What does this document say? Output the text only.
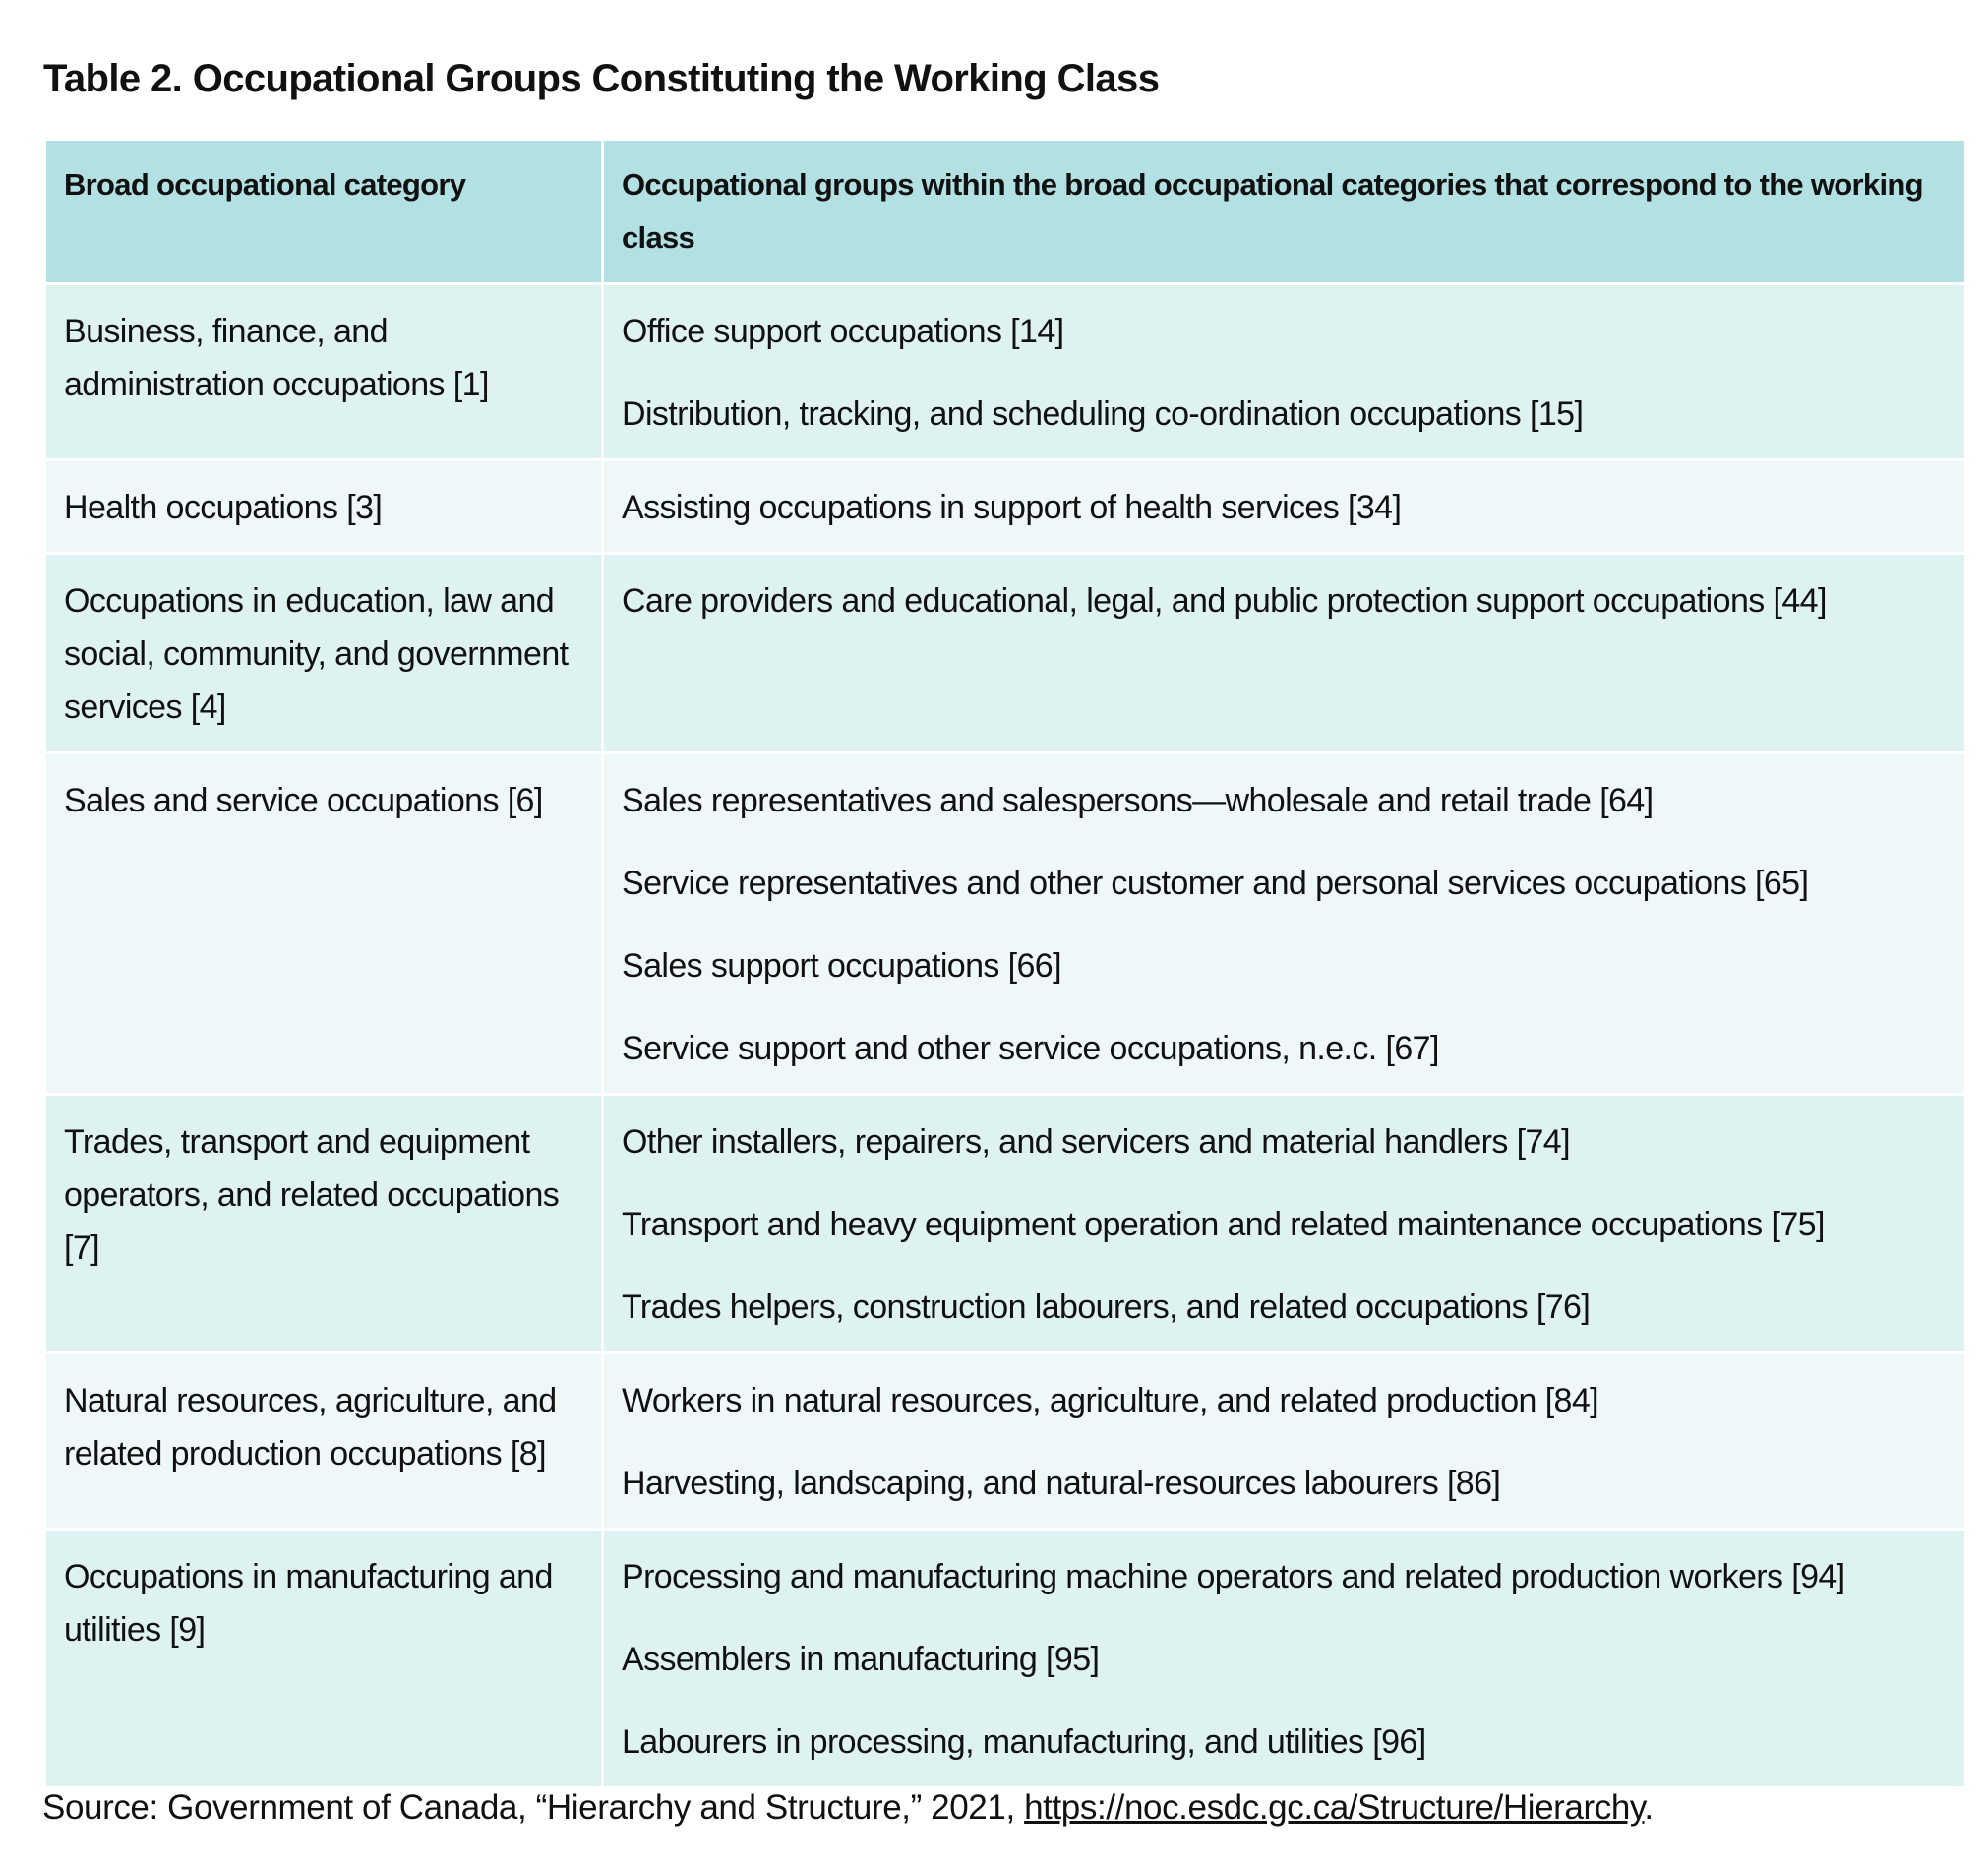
Table 2. Occupational Groups Constituting the Working Class
Broad occupational category	Occupational groups within the broad occupational categories that correspond to the working class
Business, finance, and administration occupations [1]	Office support occupations [14]
Distribution, tracking, and scheduling co-ordination occupations [15]

Health occupations [3]	Assisting occupations in support of health services [34]

Occupations in education, law and social, community, and government services [4]	Care providers and educational, legal, and public protection support occupations [44]

Sales and service occupations [6]	Sales representatives and salespersons—wholesale and retail trade [64]
Service representatives and other customer and personal services occupations [65]
Sales support occupations [66]
Service support and other service occupations, n.e.c. [67]

Trades, transport and equipment operators, and related occupations [7]	Other installers, repairers, and servicers and material handlers [74]
Transport and heavy equipment operation and related maintenance occupations [75]
Trades helpers, construction labourers, and related occupations [76]

Natural resources, agriculture, and related production occupations [8]	Workers in natural resources, agriculture, and related production [84]
Harvesting, landscaping, and natural-resources labourers [86]

Occupations in manufacturing and utilities [9]	Processing and manufacturing machine operators and related production workers [94]
Assemblers in manufacturing [95]
Labourers in processing, manufacturing, and utilities [96]
Source: Government of Canada, “Hierarchy and Structure,” 2021, https://noc.esdc.gc.ca/Structure/Hierarchy.
